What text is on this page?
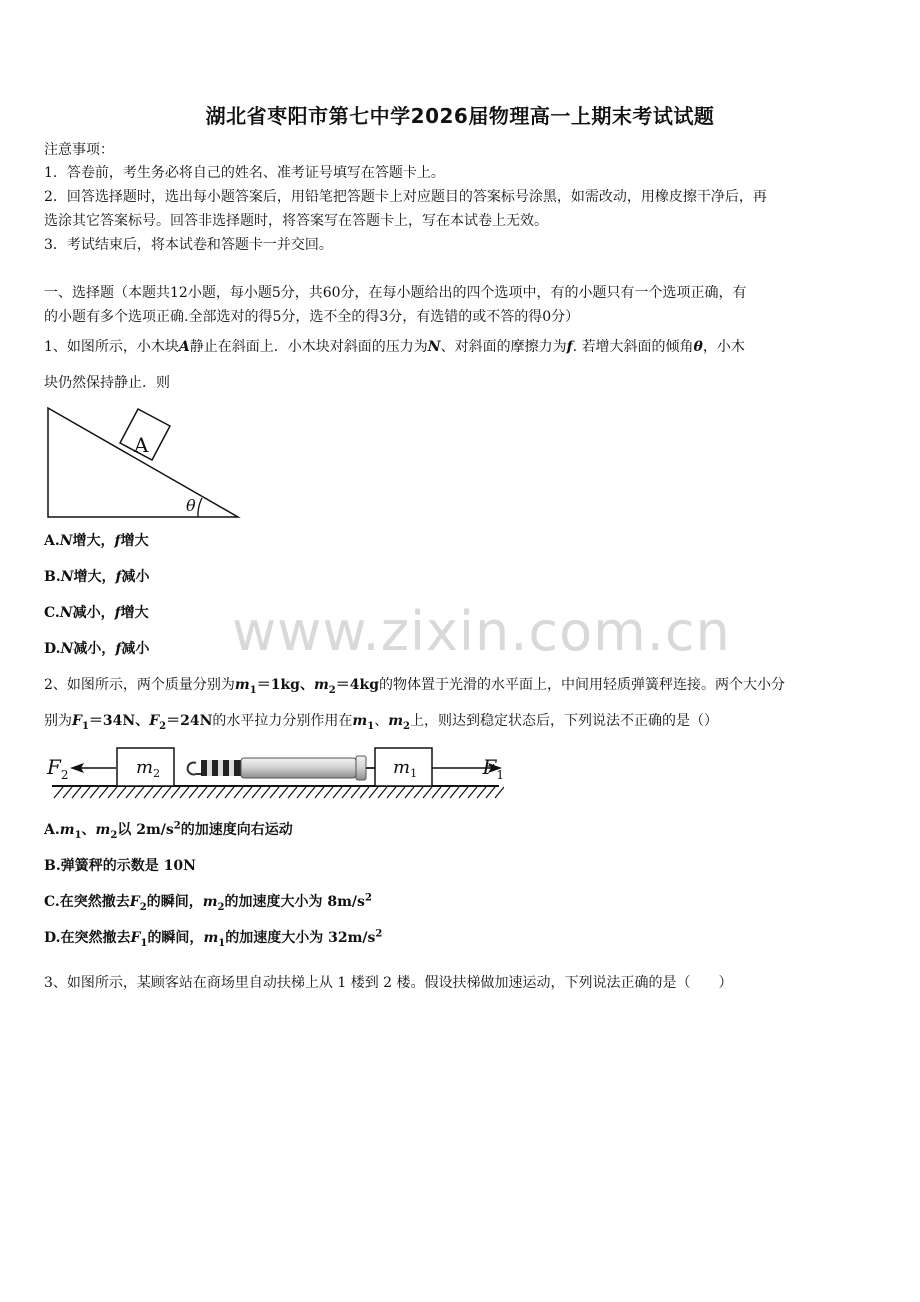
湖北省枣阳市第七中学2026届物理高一上期末考试试题
注意事项：
1．答卷前，考生务必将自己的姓名、准考证号填写在答题卡上。
2．回答选择题时，选出每小题答案后，用铅笔把答题卡上对应题目的答案标号涂黑，如需改动，用橡皮擦干净后，再
选涂其它答案标号。回答非选择题时，将答案写在答题卡上，写在本试卷上无效。
3．考试结束后，将本试卷和答题卡一并交回。
一、选择题（本题共12小题，每小题5分，共60分，在每小题给出的四个选项中，有的小题只有一个选项正确，有
的小题有多个选项正确.全部选对的得5分，选不全的得3分，有选错的或不答的得0分）
1、如图所示，小木块A静止在斜面上．小木块对斜面的压力为N、对斜面的摩擦力为f. 若增大斜面的倾角θ，小木
块仍然保持静止．则
A
θ
A.N增大，f增大
B.N增大，f减小
C.N减小，f增大
D.N减小，f减小	www.zixin.com.cn
2、如图所示，两个质量分别为$m_1=1kg$、$m_2=4kg$的物体置于光滑的水平面上，中间用轻质弹簧秤连接。两个大小分
别为$F_1=34N$、$F_2=24N$的水平拉力分别作用在$m_1$、$m_2$上，则达到稳定状态后，下列说法不正确的是（）
$F_2$	$m_2$	$m_1$	$F_1$
$A.m_1$、$m_2$以 $2m/s^2$的加速度向右运动
B.弹簧秤的示数是 10N
C.在突然撤去$F_2$的瞬间，$m_2$的加速度大小为 $8m/s^2$
D.在突然撤去$F_1$的瞬间，$m_1$的加速度大小为 $32m/s^2$
3、如图所示，某顾客站在商场里自动扶梯上从 1 楼到 2 楼。假设扶梯做加速运动，下列说法正确的是（　　）
